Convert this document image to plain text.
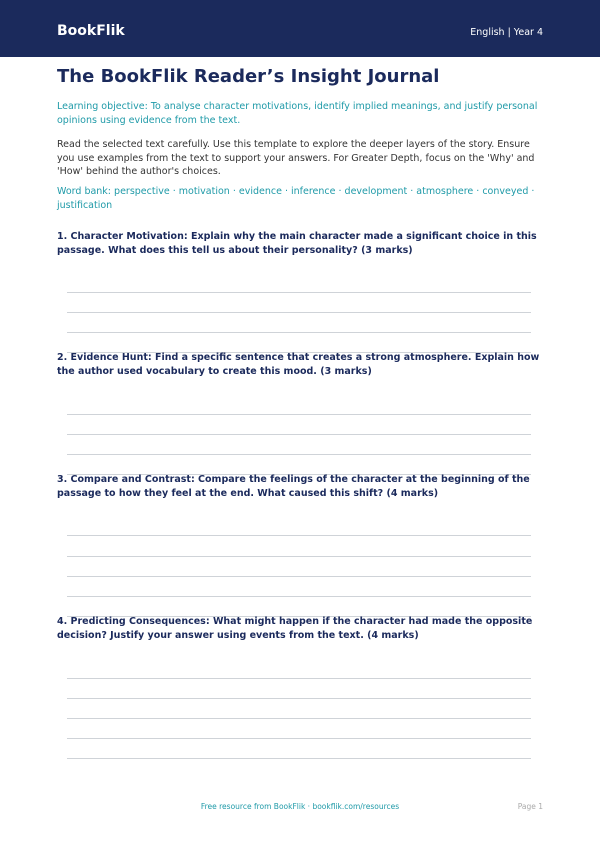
BookFlik	English | Year 4
The BookFlik Reader’s Insight Journal
Learning objective: To analyse character motivations, identify implied meanings, and justify personal opinions using evidence from the text.
Read the selected text carefully. Use this template to explore the deeper layers of the story. Ensure you use examples from the text to support your answers. For Greater Depth, focus on the 'Why' and 'How' behind the author's choices.
Word bank: perspective · motivation · evidence · inference · development · atmosphere · conveyed · justification
1. Character Motivation: Explain why the main character made a significant choice in this passage. What does this tell us about their personality? (3 marks)
2. Evidence Hunt: Find a specific sentence that creates a strong atmosphere. Explain how the author used vocabulary to create this mood. (3 marks)
3. Compare and Contrast: Compare the feelings of the character at the beginning of the passage to how they feel at the end. What caused this shift? (4 marks)
4. Predicting Consequences: What might happen if the character had made the opposite decision? Justify your answer using events from the text. (4 marks)
Free resource from BookFlik · bookflik.com/resources	Page 1
